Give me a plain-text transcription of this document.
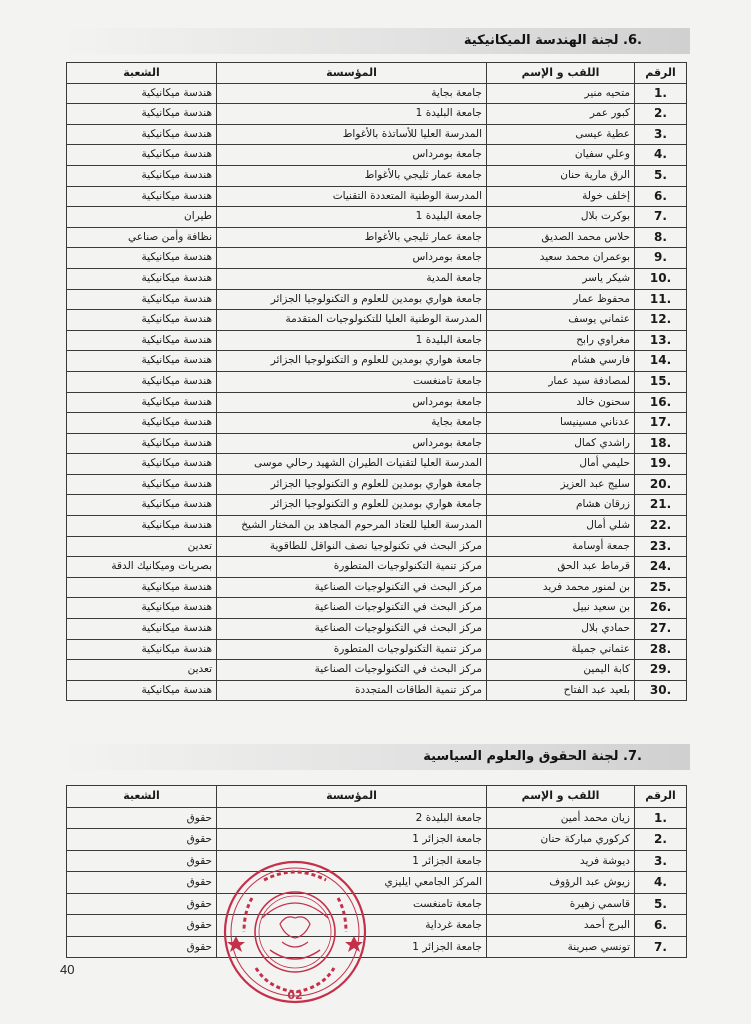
.6. لجنة الهندسة الميكانيكية
الرقم	اللقب و الإسم	المؤسسة	الشعبة
.1	متحيه منير	جامعة بجاية	هندسة ميكانيكية
.2	كبور عمر	جامعة البليدة 1	هندسة ميكانيكية
.3	عطية عيسى	المدرسة العليا للأساتذة بالأغواط	هندسة ميكانيكية
.4	وعلي سفيان	جامعة بومرداس	هندسة ميكانيكية
.5	الرق مارية حنان	جامعة عمار ثليجي بالأغواط	هندسة ميكانيكية
.6	إخلف خولة	المدرسة الوطنية المتعددة التقنيات	هندسة ميكانيكية
.7	بوكرت بلال	جامعة البليدة 1	طيران
.8	حلاس محمد الصديق	جامعة عمار ثليجي بالأغواط	نظافة وأمن صناعي
.9	بوعمران محمد سعيد	جامعة بومرداس	هندسة ميكانيكية
.10	شيكر ياسر	جامعة المدية	هندسة ميكانيكية
.11	محفوظ عمار	جامعة هواري بومدين للعلوم و التكنولوجيا الجزائر	هندسة ميكانيكية
.12	عثماني يوسف	المدرسة الوطنية العليا للتكنولوجيات المتقدمة	هندسة ميكانيكية
.13	مغراوي رابح	جامعة البليدة 1	هندسة ميكانيكية
.14	فارسي هشام	جامعة هواري بومدين للعلوم و التكنولوجيا الجزائر	هندسة ميكانيكية
.15	لمصادفة سيد عمار	جامعة تامنغست	هندسة ميكانيكية
.16	سحنون خالد	جامعة بومرداس	هندسة ميكانيكية
.17	عدناني مسينيسا	جامعة بجاية	هندسة ميكانيكية
.18	راشدي كمال	جامعة بومرداس	هندسة ميكانيكية
.19	حليمي أمال	المدرسة العليا لتقنيات الطيران الشهيد رحالي موسى	هندسة ميكانيكية
.20	سليج عبد العزيز	جامعة هواري بومدين للعلوم و التكنولوجيا الجزائر	هندسة ميكانيكية
.21	زرقان هشام	جامعة هواري بومدين للعلوم و التكنولوجيا الجزائر	هندسة ميكانيكية
.22	شلي أمال	المدرسة العليا للعتاد المرحوم المجاهد بن المختار الشيخ	هندسة ميكانيكية
.23	جمعة أوسامة	مركز البحث في تكنولوجيا نصف النواقل للطاقوية	تعدين
.24	قرماط عبد الحق	مركز تنمية التكنولوجيات المتطورة	بصريات وميكانيك الدقة
.25	بن لمنور محمد فريد	مركز البحث في التكنولوجيات الصناعية	هندسة ميكانيكية
.26	بن سعيد نبيل	مركز البحث في التكنولوجيات الصناعية	هندسة ميكانيكية
.27	حمادي بلال	مركز البحث في التكنولوجيات الصناعية	هندسة ميكانيكية
.28	عثماني جميلة	مركز تنمية التكنولوجيات المتطورة	هندسة ميكانيكية
.29	كابة اليمين	مركز البحث في التكنولوجيات الصناعية	تعدين
.30	بلعيد عبد الفتاح	مركز تنمية الطاقات المتجددة	هندسة ميكانيكية
.7. لجنة الحقوق والعلوم السياسية
الرقم	اللقب و الإسم	المؤسسة	الشعبة
.1	زيان محمد أمين	جامعة البليدة 2	حقوق
.2	كركوري مباركة حنان	جامعة الجزائر 1	حقوق
.3	ديوشة فريد	جامعة الجزائر 1	حقوق
.4	زيوش عبد الرؤوف	المركز الجامعي ايليزي	حقوق
.5	قاسمي زهيرة	جامعة تامنغست	حقوق
.6	البرج أحمد	جامعة غرداية	حقوق
.7	تونسي صبرينة	جامعة الجزائر 1	حقوق
02
40
